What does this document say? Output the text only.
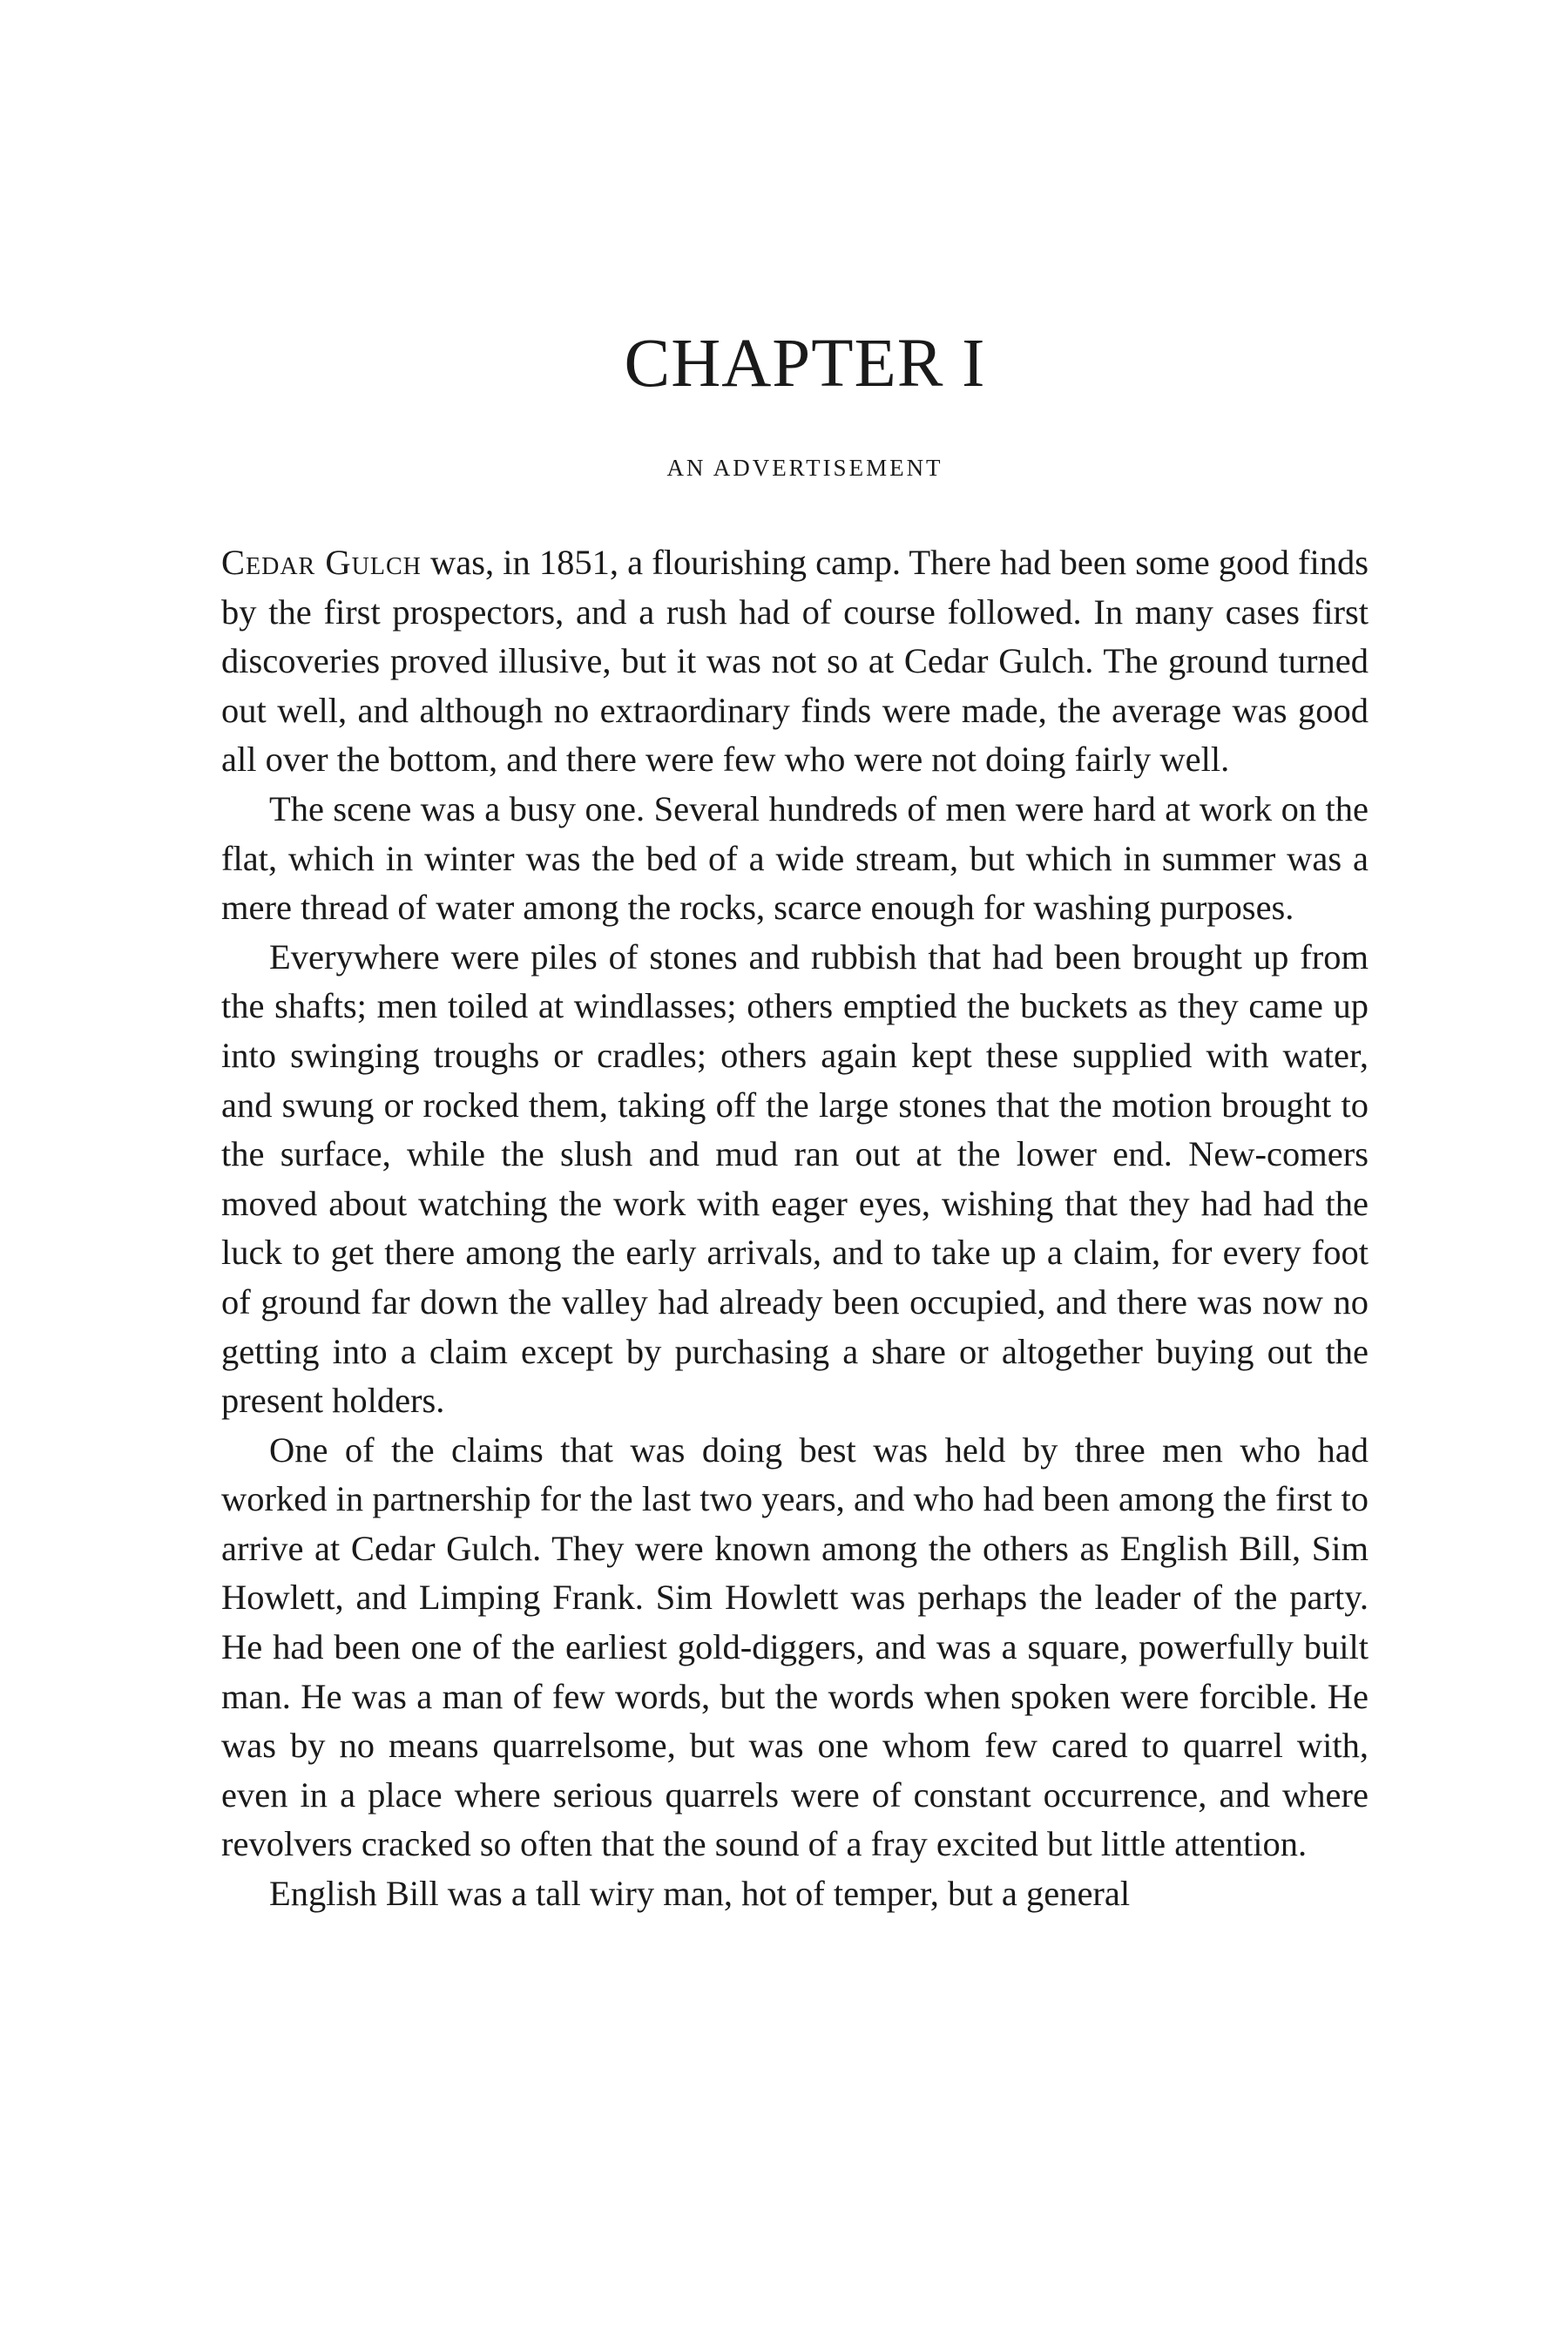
CHAPTER I
AN ADVERTISEMENT

Cedar Gulch was, in 1851, a flourishing camp. There had been some good finds by the first prospectors, and a rush had of course followed. In many cases first discoveries proved illusive, but it was not so at Cedar Gulch. The ground turned out well, and although no extraordinary finds were made, the average was good all over the bottom, and there were few who were not doing fairly well.

The scene was a busy one. Several hundreds of men were hard at work on the flat, which in winter was the bed of a wide stream, but which in summer was a mere thread of water among the rocks, scarce enough for washing purposes.

Everywhere were piles of stones and rubbish that had been brought up from the shafts; men toiled at windlasses; others emptied the buckets as they came up into swinging troughs or cradles; others again kept these supplied with water, and swung or rocked them, taking off the large stones that the motion brought to the surface, while the slush and mud ran out at the lower end. New-comers moved about watching the work with eager eyes, wishing that they had had the luck to get there among the early arrivals, and to take up a claim, for every foot of ground far down the valley had already been occupied, and there was now no getting into a claim except by purchasing a share or altogether buying out the present holders.

One of the claims that was doing best was held by three men who had worked in partnership for the last two years, and who had been among the first to arrive at Cedar Gulch. They were known among the others as English Bill, Sim Howlett, and Limping Frank. Sim Howlett was perhaps the leader of the party. He had been one of the earliest gold-diggers, and was a square, powerfully built man. He was a man of few words, but the words when spoken were forcible. He was by no means quarrelsome, but was one whom few cared to quarrel with, even in a place where serious quarrels were of constant occurrence, and where revolvers cracked so often that the sound of a fray excited but little attention.

English Bill was a tall wiry man, hot of temper, but a general
